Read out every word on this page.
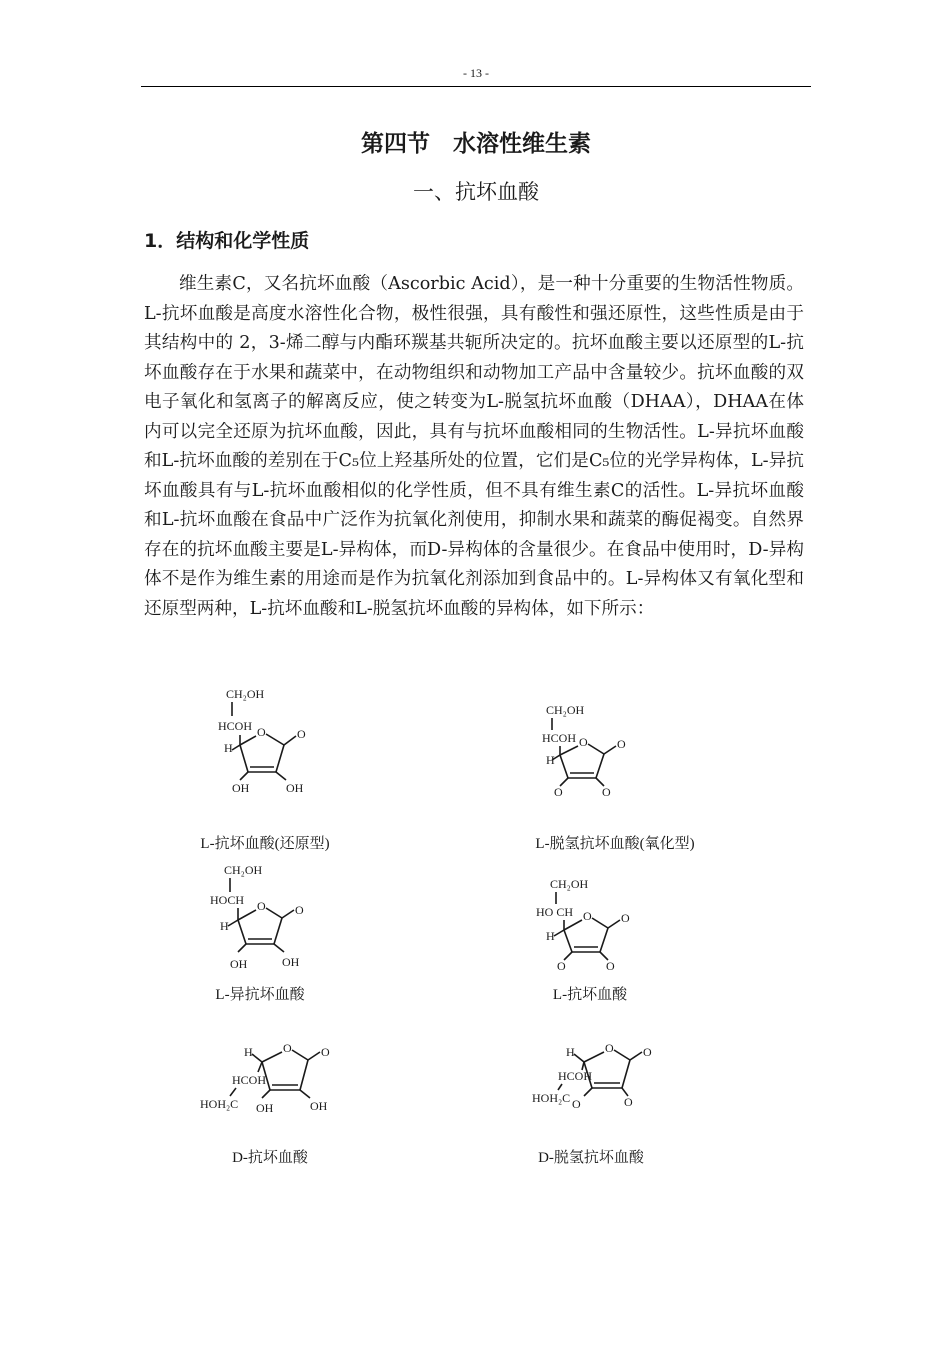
- 13 -
第四节　水溶性维生素
一、抗坏血酸
1．结构和化学性质

维生素C，又名抗坏血酸（Ascorbic Acid），是一种十分重要的生物活性物质。L-抗坏血酸是高度水溶性化合物，极性很强，具有酸性和强还原性，这些性质是由于其结构中的 2，3-烯二醇与内酯环羰基共轭所决定的。抗坏血酸主要以还原型的L-抗坏血酸存在于水果和蔬菜中，在动物组织和动物加工产品中含量较少。抗坏血酸的双电子氧化和氢离子的解离反应，使之转变为L-脱氢抗坏血酸（DHAA），DHAA在体内可以完全还原为抗坏血酸，因此，具有与抗坏血酸相同的生物活性。L-异抗坏血酸和L-抗坏血酸的差别在于C₅位上羟基所处的位置，它们是C₅位的光学异构体，L-异抗坏血酸具有与L-抗坏血酸相似的化学性质，但不具有维生素C的活性。L-异抗坏血酸和L-抗坏血酸在食品中广泛作为抗氧化剂使用，抑制水果和蔬菜的酶促褐变。自然界存在的抗坏血酸主要是L-异构体，而D-异构体的含量很少。在食品中使用时，D-异构体不是作为维生素的用途而是作为抗氧化剂添加到食品中的。L-异构体又有氧化型和还原型两种，L-抗坏血酸和L-脱氢抗坏血酸的异构体，如下所示：

CH₂OH
HCOH
H
O	O
OH	OH
L-抗坏血酸(还原型)
CH₂OH
HCOH
H
O O
O	O
L-脱氢抗坏血酸(氧化型)
CH₂OH
HOCH
H
O O
OH	OH
L-异抗坏血酸
CH₂OH
HO CH
H
O O
O	O
L-抗坏血酸
H	O O
HCOH
HOH₂C OH	OH
D-抗坏血酸
H	O O
HCOH
HOH₂C O	O
D-脱氢抗坏血酸
